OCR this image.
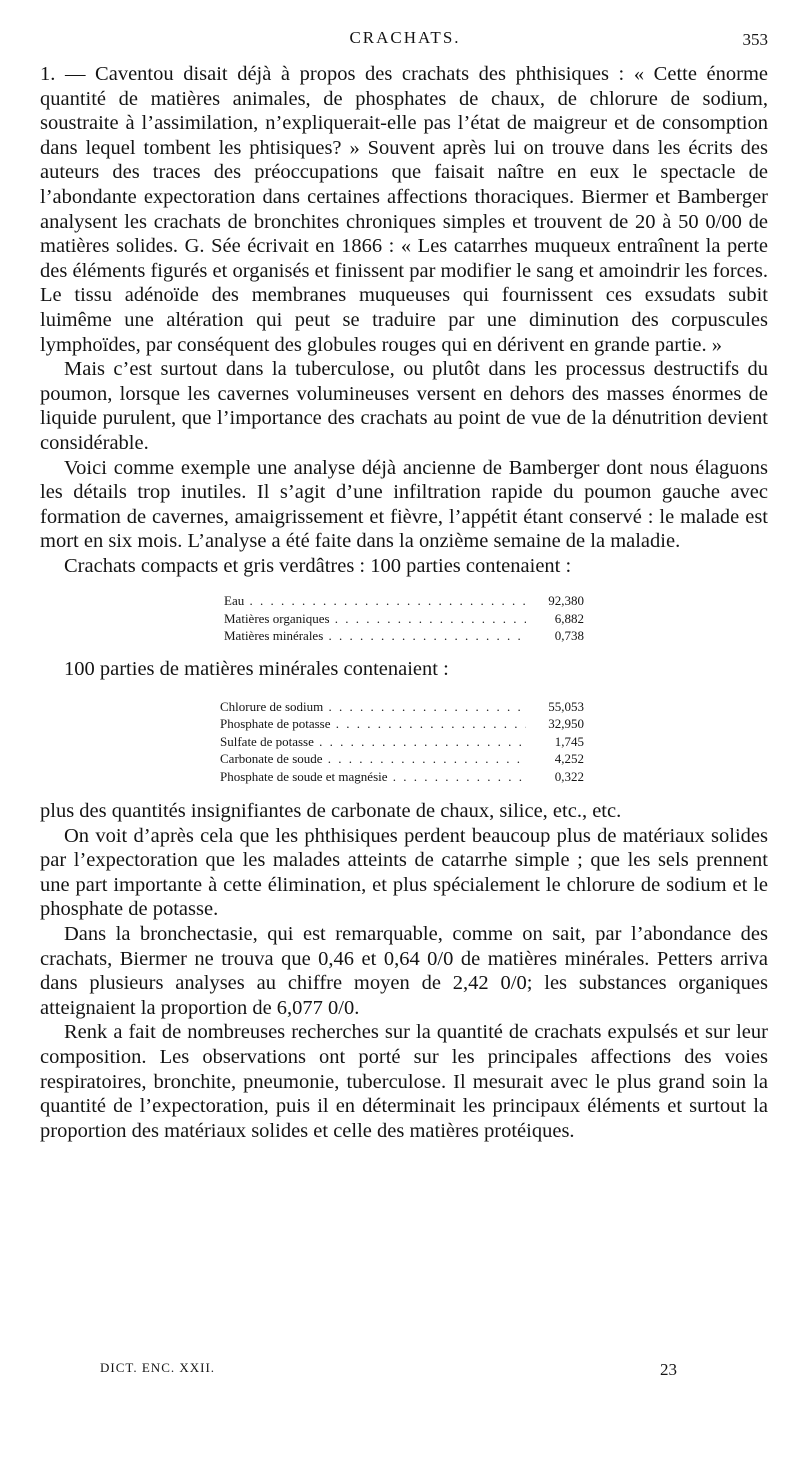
CRACHATS.	353

1. — Caventou disait déjà à propos des crachats des phthisiques : « Cette énorme quantité de matières animales, de phosphates de chaux, de chlorure de sodium, soustraite à l’assimilation, n’expliquerait-elle pas l’état de maigreur et de consomption dans lequel tombent les phtisiques? » Souvent après lui on trouve dans les écrits des auteurs des traces des préoccupations que faisait naître en eux le spectacle de l’abondante expectoration dans certaines affections thoraciques. Biermer et Bamberger analysent les crachats de bronchites chroniques simples et trouvent de 20 à 50 0/00 de matières solides. G. Sée écrivait en 1866 : « Les catarrhes muqueux entraînent la perte des éléments figurés et organisés et finissent par modifier le sang et amoindrir les forces. Le tissu adénoïde des membranes muqueuses qui fournissent ces exsudats subit luimême une altération qui peut se traduire par une diminution des corpuscules lymphoïdes, par conséquent des globules rouges qui en dérivent en grande partie. »

Mais c’est surtout dans la tuberculose, ou plutôt dans les processus destructifs du poumon, lorsque les cavernes volumineuses versent en dehors des masses énormes de liquide purulent, que l’importance des crachats au point de vue de la dénutrition devient considérable.

Voici comme exemple une analyse déjà ancienne de Bamberger dont nous élaguons les détails trop inutiles. Il s’agit d’une infiltration rapide du poumon gauche avec formation de cavernes, amaigrissement et fièvre, l’appétit étant conservé : le malade est mort en six mois. L’analyse a été faite dans la onzième semaine de la maladie.

Crachats compacts et gris verdâtres : 100 parties contenaient :

Eau . . .	92,380
Matières organiques . . .	6,882
Matières minérales . . .	0,738

100 parties de matières minérales contenaient :

Chlorure de sodium . . .	55,053
Phosphate de potasse . . .	32,950
Sulfate de potasse . . .	1,745
Carbonate de soude . . .	4,252
Phosphate de soude et magnésie . . .	0,322

plus des quantités insignifiantes de carbonate de chaux, silice, etc., etc.

On voit d’après cela que les phthisiques perdent beaucoup plus de matériaux solides par l’expectoration que les malades atteints de catarrhe simple ; que les sels prennent une part importante à cette élimination, et plus spécialement le chlorure de sodium et le phosphate de potasse.

Dans la bronchectasie, qui est remarquable, comme on sait, par l’abondance des crachats, Biermer ne trouva que 0,46 et 0,64 0/0 de matières minérales. Petters arriva dans plusieurs analyses au chiffre moyen de 2,42 0/0; les substances organiques atteignaient la proportion de 6,077 0/0.

Renk a fait de nombreuses recherches sur la quantité de crachats expulsés et sur leur composition. Les observations ont porté sur les principales affections des voies respiratoires, bronchite, pneumonie, tuberculose. Il mesurait avec le plus grand soin la quantité de l’expectoration, puis il en déterminait les principaux éléments et surtout la proportion des matériaux solides et celle des matières protéiques.

DICT. ENC. XXII.	23
